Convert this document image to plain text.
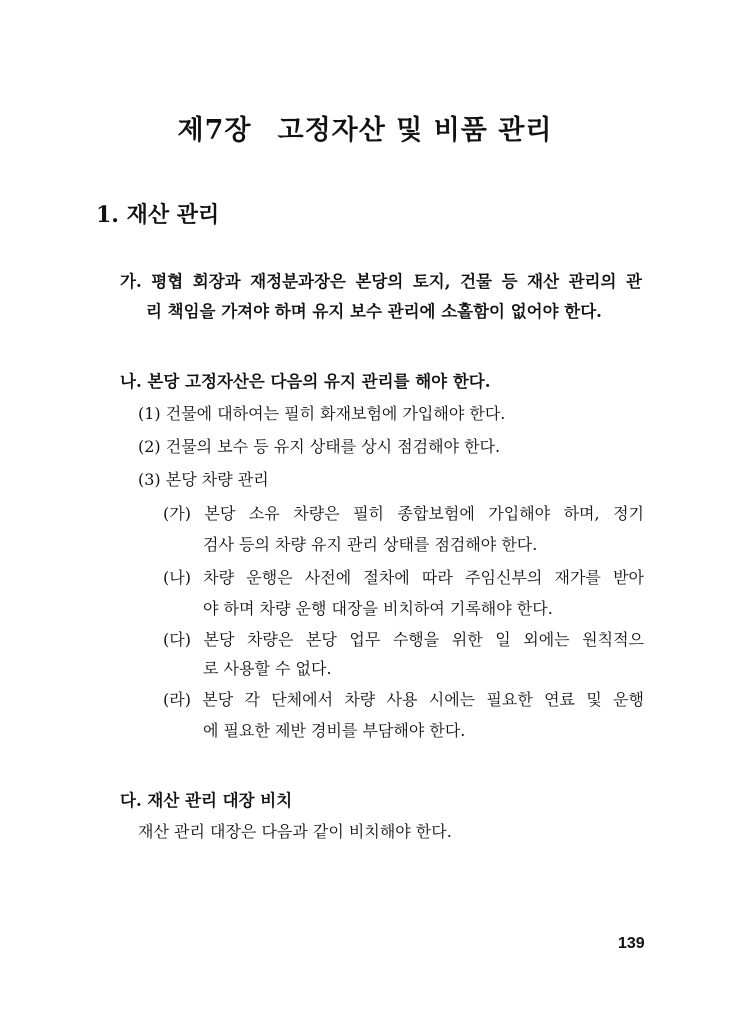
제7장 고정자산 및 비품 관리
1. 재산 관리
가. 평협 회장과 재정분과장은 본당의 토지, 건물 등 재산 관리의 관
리 책임을 가져야 하며 유지 보수 관리에 소홀함이 없어야 한다.
나. 본당 고정자산은 다음의 유지 관리를 해야 한다.
(1) 건물에 대하여는 필히 화재보험에 가입해야 한다.
(2) 건물의 보수 등 유지 상태를 상시 점검해야 한다.
(3) 본당 차량 관리
(가) 본당 소유 차량은 필히 종합보험에 가입해야 하며, 정기
검사 등의 차량 유지 관리 상태를 점검해야 한다.
(나) 차량 운행은 사전에 절차에 따라 주임신부의 재가를 받아
야 하며 차량 운행 대장을 비치하여 기록해야 한다.
(다) 본당 차량은 본당 업무 수행을 위한 일 외에는 원칙적으
로 사용할 수 없다.
(라) 본당 각 단체에서 차량 사용 시에는 필요한 연료 및 운행
에 필요한 제반 경비를 부담해야 한다.
다. 재산 관리 대장 비치
재산 관리 대장은 다음과 같이 비치해야 한다.
139
